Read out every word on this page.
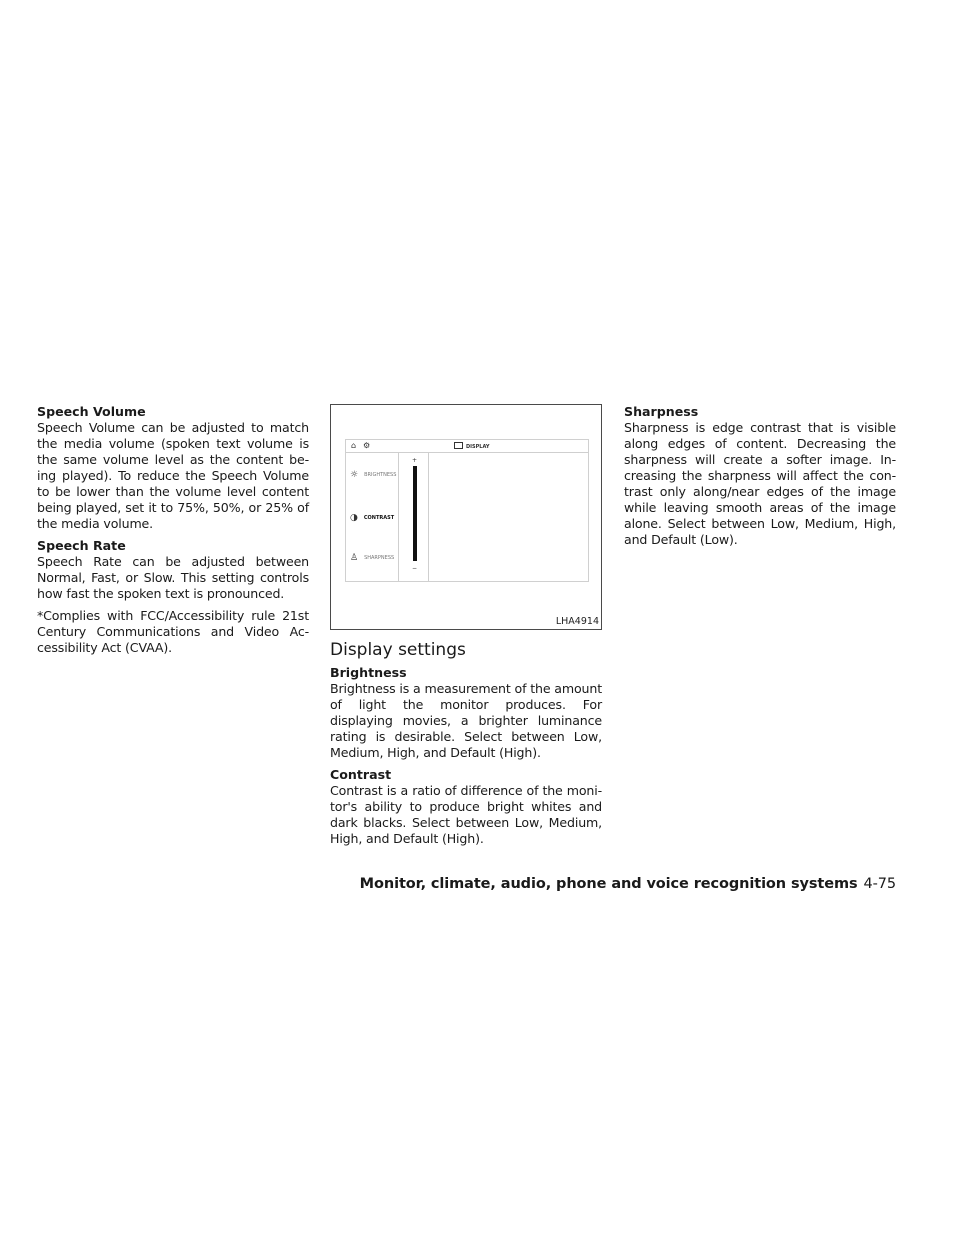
Speech Volume

Speech Volume can be adjusted to match the media volume (spoken text volume is the same volume level as the content be- ing played). To reduce the Speech Volume to be lower than the volume level content being played, set it to 75%, 50%, or 25% of the media volume.

Speech Rate

Speech Rate can be adjusted between Normal, Fast, or Slow. This setting controls how fast the spoken text is pronounced.

*Complies with FCC/Accessibility rule 21st Century Communications and Video Ac- cessibility Act (CVAA).

⌂ ⚙	DISPLAY
☼ BRIGHTNESS
◑ CONTRAST
♙ SHARPNESS
+
−
LHA4914
Display settings
Brightness

Brightness is a measurement of the amount of light the monitor produces. For displaying movies, a brighter luminance rating is desirable. Select between Low, Medium, High, and Default (High).

Contrast

Contrast is a ratio of difference of the moni- tor's ability to produce bright whites and dark blacks. Select between Low, Medium, High, and Default (High).

Sharpness

Sharpness is edge contrast that is visible along edges of content. Decreasing the sharpness will create a softer image. In- creasing the sharpness will affect the con- trast only along/near edges of the image while leaving smooth areas of the image alone. Select between Low, Medium, High, and Default (Low).

Monitor, climate, audio, phone and voice recognition systems 4-75
